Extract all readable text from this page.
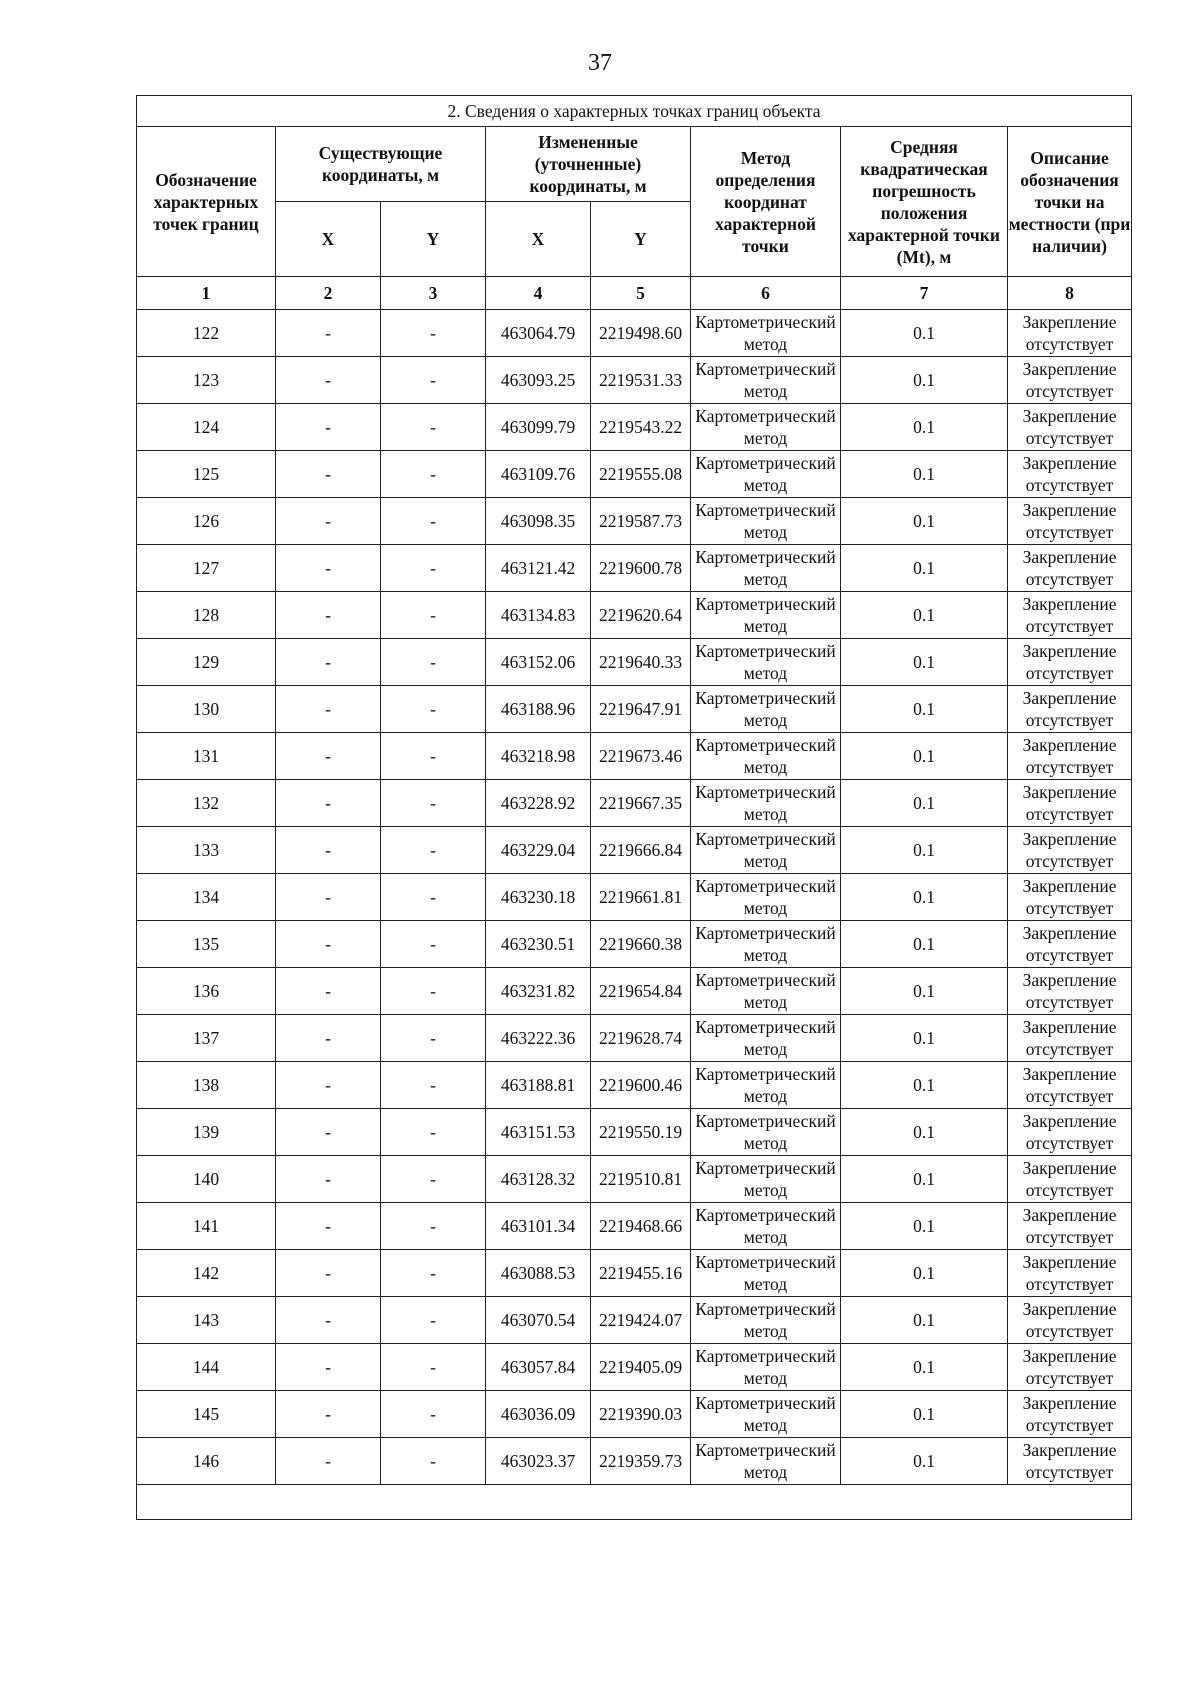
37
2. Сведения о характерных точках границ объекта							
Обозначение характерных точек границ	Существующие координаты, м		Измененные (уточненные) координаты, м		Метод определения координат характерной точки	Средняя квадратическая погрешность положения характерной точки (Mt), м	Описание обозначения точки на местности (при наличии)
	X	Y	X	Y			
1	2	3	4	5	6	7	8
122	-	-	463064.79	2219498.60	Картометрический метод	0.1	Закрепление отсутствует
123	-	-	463093.25	2219531.33	Картометрический метод	0.1	Закрепление отсутствует
124	-	-	463099.79	2219543.22	Картометрический метод	0.1	Закрепление отсутствует
125	-	-	463109.76	2219555.08	Картометрический метод	0.1	Закрепление отсутствует
126	-	-	463098.35	2219587.73	Картометрический метод	0.1	Закрепление отсутствует
127	-	-	463121.42	2219600.78	Картометрический метод	0.1	Закрепление отсутствует
128	-	-	463134.83	2219620.64	Картометрический метод	0.1	Закрепление отсутствует
129	-	-	463152.06	2219640.33	Картометрический метод	0.1	Закрепление отсутствует
130	-	-	463188.96	2219647.91	Картометрический метод	0.1	Закрепление отсутствует
131	-	-	463218.98	2219673.46	Картометрический метод	0.1	Закрепление отсутствует
132	-	-	463228.92	2219667.35	Картометрический метод	0.1	Закрепление отсутствует
133	-	-	463229.04	2219666.84	Картометрический метод	0.1	Закрепление отсутствует
134	-	-	463230.18	2219661.81	Картометрический метод	0.1	Закрепление отсутствует
135	-	-	463230.51	2219660.38	Картометрический метод	0.1	Закрепление отсутствует
136	-	-	463231.82	2219654.84	Картометрический метод	0.1	Закрепление отсутствует
137	-	-	463222.36	2219628.74	Картометрический метод	0.1	Закрепление отсутствует
138	-	-	463188.81	2219600.46	Картометрический метод	0.1	Закрепление отсутствует
139	-	-	463151.53	2219550.19	Картометрический метод	0.1	Закрепление отсутствует
140	-	-	463128.32	2219510.81	Картометрический метод	0.1	Закрепление отсутствует
141	-	-	463101.34	2219468.66	Картометрический метод	0.1	Закрепление отсутствует
142	-	-	463088.53	2219455.16	Картометрический метод	0.1	Закрепление отсутствует
143	-	-	463070.54	2219424.07	Картометрический метод	0.1	Закрепление отсутствует
144	-	-	463057.84	2219405.09	Картометрический метод	0.1	Закрепление отсутствует
145	-	-	463036.09	2219390.03	Картометрический метод	0.1	Закрепление отсутствует
146	-	-	463023.37	2219359.73	Картометрический метод	0.1	Закрепление отсутствует
